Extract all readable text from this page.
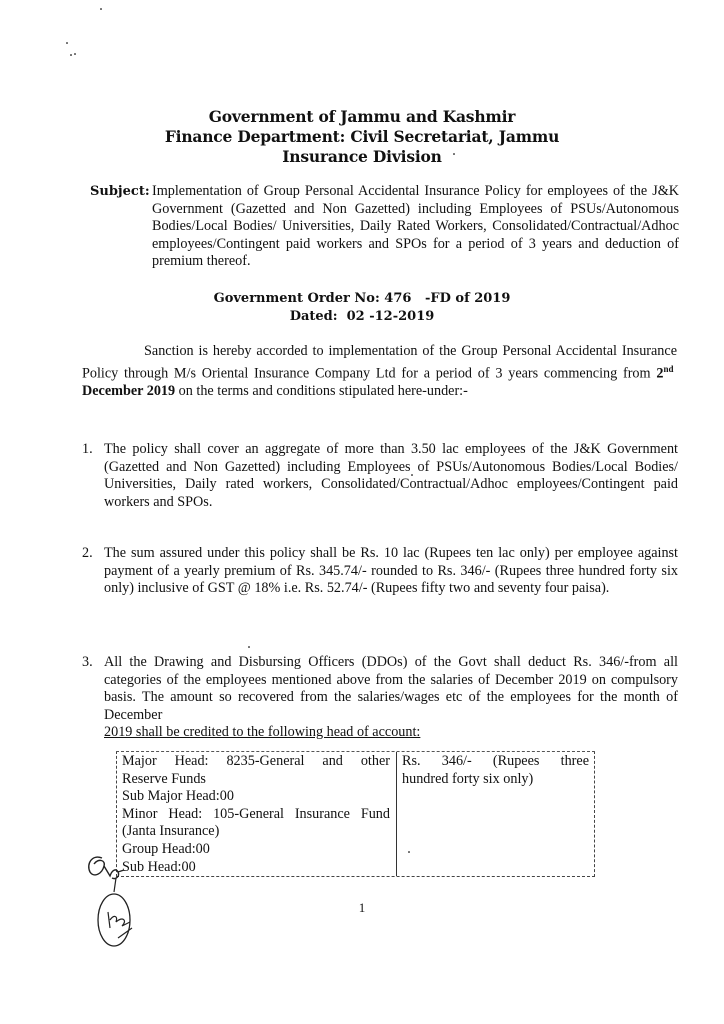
Government of Jammu and Kashmir
Finance Department: Civil Secretariat, Jammu
Insurance Division
Subject: Implementation of Group Personal Accidental Insurance Policy for employees of the J&K Government (Gazetted and Non Gazetted) including Employees of PSUs/Autonomous Bodies/Local Bodies/ Universities, Daily Rated Workers, Consolidated/Contractual/Adhoc employees/Contingent paid workers and SPOs for a period of 3 years and deduction of premium thereof.
Government Order No: 476   -FD of 2019
Dated:  02 -12-2019
Sanction is hereby accorded to implementation of the Group Personal Accidental Insurance Policy through M/s Oriental Insurance Company Ltd for a period of 3 years commencing from 2nd  December 2019 on the terms and conditions stipulated here-under:-
1. The policy shall cover an aggregate of more than 3.50 lac employees of the J&K Government (Gazetted and Non Gazetted) including Employees of PSUs/Autonomous Bodies/Local Bodies/ Universities, Daily rated workers, Consolidated/Contractual/Adhoc employees/Contingent paid workers and SPOs.
2. The sum assured under this policy shall be Rs. 10 lac (Rupees ten lac only) per employee against payment of a yearly premium of Rs. 345.74/- rounded to Rs. 346/- (Rupees three hundred forty six only) inclusive of GST @ 18% i.e. Rs. 52.74/- (Rupees fifty two and seventy four paisa).
3. All the Drawing and Disbursing Officers (DDOs) of the Govt shall deduct Rs. 346/-from all categories of the employees mentioned above from the salaries of December 2019 on compulsory basis. The amount so recovered from the salaries/wages etc of the employees for the month of December
2019 shall be credited to the following head of account:
Major Head: 8235-General and other
Reserve Funds
Sub Major Head:00
Minor Head: 105-General Insurance Fund
(Janta Insurance)
Group Head:00
Sub Head:00
Rs.  346/-  (Rupees  three
hundred forty six only)
1
